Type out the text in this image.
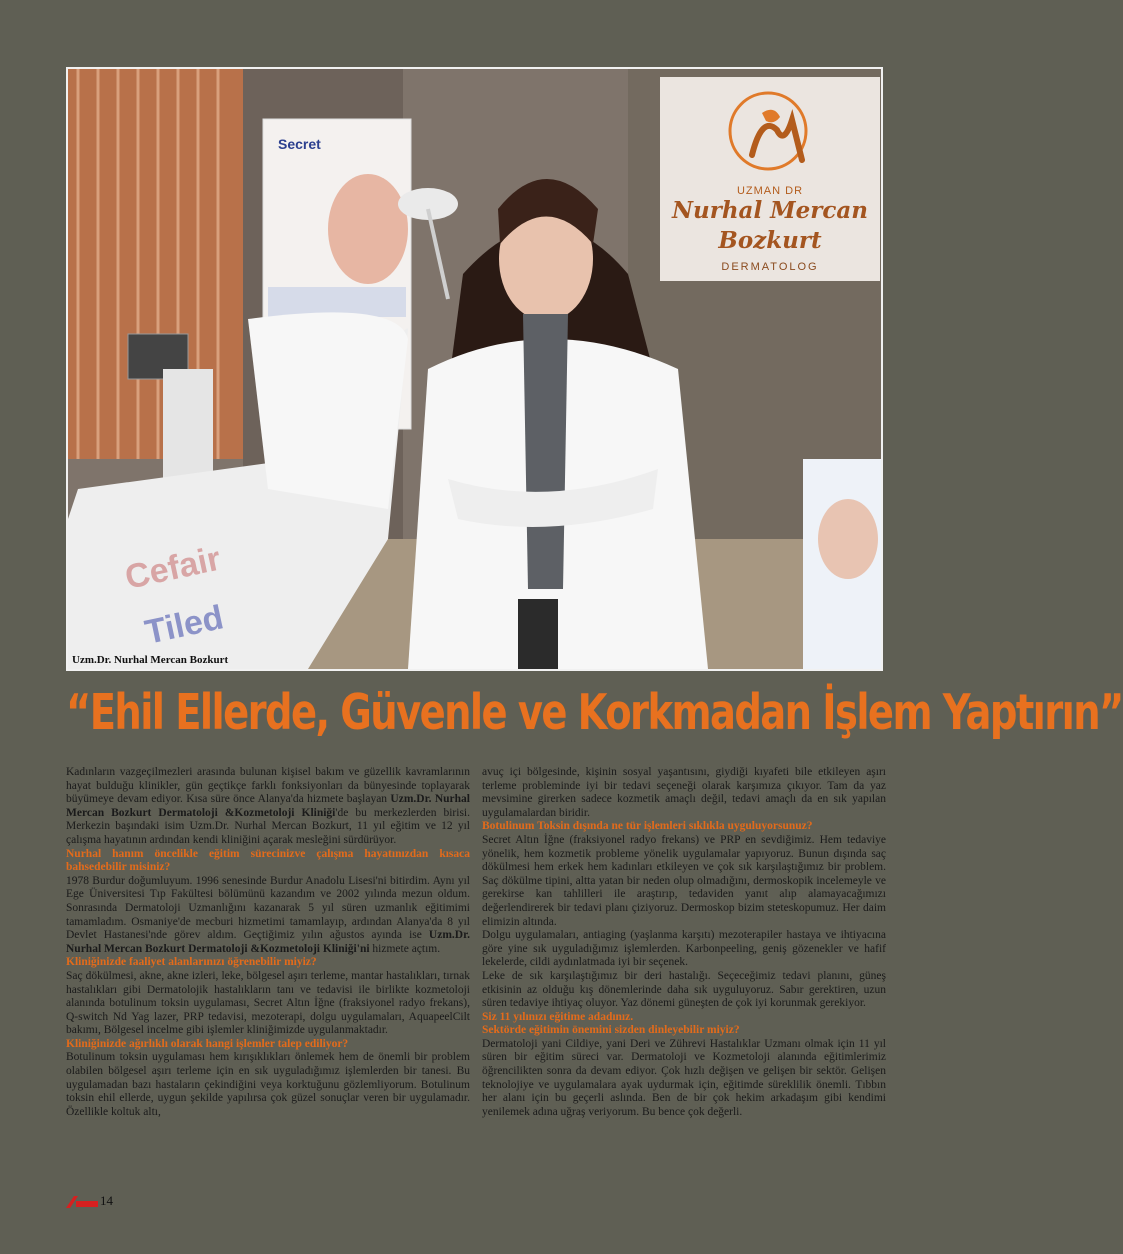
Secret
Cefair
Tiled
UZMAN DR
Nurhal Mercan
Bozkurt
DERMATOLOG
Uzm.Dr. Nurhal Mercan Bozkurt
“Ehil Ellerde, Güvenle ve Korkmadan İşlem Yaptırın”

Kadınların vazgeçilmezleri arasında bulunan kişisel bakım ve güzellik kavramlarının hayat bulduğu klinikler, gün geçtikçe farklı fonksiyonları da bünyesinde toplayarak büyümeye devam ediyor. Kısa süre önce Alanya'da hizmete başlayan Uzm.Dr. Nurhal Mercan Bozkurt Dermatoloji &Kozmetoloji Kliniği'de bu merkezlerden birisi. Merkezin başındaki isim Uzm.Dr. Nurhal Mercan Bozkurt, 11 yıl eğitim ve 12 yıl çalışma hayatının ardından kendi kliniğini açarak mesleğini sürdürüyor.

Nurhal hanım öncelikle eğitim sürecinizve çalışma hayatınızdan kısaca bahsedebilir misiniz?

1978 Burdur doğumluyum. 1996 senesinde Burdur Anadolu Lisesi'ni bitirdim. Aynı yıl Ege Üniversitesi Tıp Fakültesi bölümünü kazandım ve 2002 yılında mezun oldum. Sonrasında Dermatoloji Uzmanlığını kazanarak 5 yıl süren uzmanlık eğitimimi tamamladım. Osmaniye'de mecburi hizmetimi tamamlayıp, ardından Alanya'da 8 yıl Devlet Hastanesi'nde görev aldım. Geçtiğimiz yılın ağustos ayında ise Uzm.Dr. Nurhal Mercan Bozkurt Dermatoloji &Kozmetoloji Kliniği'ni hizmete açtım.

Kliniğinizde faaliyet alanlarınızı öğrenebilir miyiz?

Saç dökülmesi, akne, akne izleri, leke, bölgesel aşırı terleme, mantar hastalıkları, tırnak hastalıkları gibi Dermatolojik hastalıkların tanı ve tedavisi ile birlikte kozmetoloji alanında botulinum toksin uygulaması, Secret Altın İğne (fraksiyonel radyo frekans), Q-switch Nd Yag lazer, PRP tedavisi, mezoterapi, dolgu uygulamaları, AquapeelCilt bakımı, Bölgesel incelme gibi işlemler kliniğimizde uygulanmaktadır.

Kliniğinizde ağırlıklı olarak hangi işlemler talep ediliyor?

Botulinum toksin uygulaması hem kırışıklıkları önlemek hem de önemli bir problem olabilen bölgesel aşırı terleme için en sık uyguladığımız işlemlerden bir tanesi. Bu uygulamadan bazı hastaların çekindiğini veya korktuğunu gözlemliyorum. Botulinum toksin ehil ellerde, uygun şekilde yapılırsa çok güzel sonuçlar veren bir uygulamadır. Özellikle koltuk altı,

avuç içi bölgesinde, kişinin sosyal yaşantısını, giydiği kıyafeti bile etkileyen aşırı terleme probleminde iyi bir tedavi seçeneği olarak karşımıza çıkıyor. Tam da yaz mevsimine girerken sadece kozmetik amaçlı değil, tedavi amaçlı da en sık yapılan uygulamalardan biridir.

Botulinum Toksin dışında ne tür işlemleri sıklıkla uyguluyorsunuz?

Secret Altın İğne (fraksiyonel radyo frekans) ve PRP en sevdiğimiz. Hem tedaviye yönelik, hem kozmetik probleme yönelik uygulamalar yapıyoruz. Bunun dışında saç dökülmesi hem erkek hem kadınları etkileyen ve çok sık karşılaştığımız bir problem. Saç dökülme tipini, altta yatan bir neden olup olmadığını, dermoskopik incelemeyle ve gerekirse kan tahlilleri ile araştırıp, tedaviden yanıt alıp alamayacağımızı değerlendirerek bir tedavi planı çiziyoruz. Dermoskop bizim steteskopumuz. Her daim elimizin altında.

Dolgu uygulamaları, antiaging (yaşlanma karşıtı) mezoterapiler hastaya ve ihtiyacına göre yine sık uyguladığımız işlemlerden. Karbonpeeling, geniş gözenekler ve hafif lekelerde, cildi aydınlatmada iyi bir seçenek.

Leke de sık karşılaştığımız bir deri hastalığı. Seçeceğimiz tedavi planını, güneş etkisinin az olduğu kış dönemlerinde daha sık uyguluyoruz. Sabır gerektiren, uzun süren tedaviye ihtiyaç oluyor. Yaz dönemi güneşten de çok iyi korunmak gerekiyor.

Siz 11 yılınızı eğitime adadınız.

Sektörde eğitimin önemini sizden dinleyebilir miyiz?

Dermatoloji yani Cildiye, yani Deri ve Zührevi Hastalıklar Uzmanı olmak için 11 yıl süren bir eğitim süreci var. Dermatoloji ve Kozmetoloji alanında eğitimlerimiz öğrencilikten sonra da devam ediyor. Çok hızlı değişen ve gelişen bir sektör. Gelişen teknolojiye ve uygulamalara ayak uydurmak için, eğitimde süreklilik önemli. Tıbbın her alanı için bu geçerli aslında. Ben de bir çok hekim arkadaşım gibi kendimi yenilemek adına uğraş veriyorum. Bu bence çok değerli.

14
